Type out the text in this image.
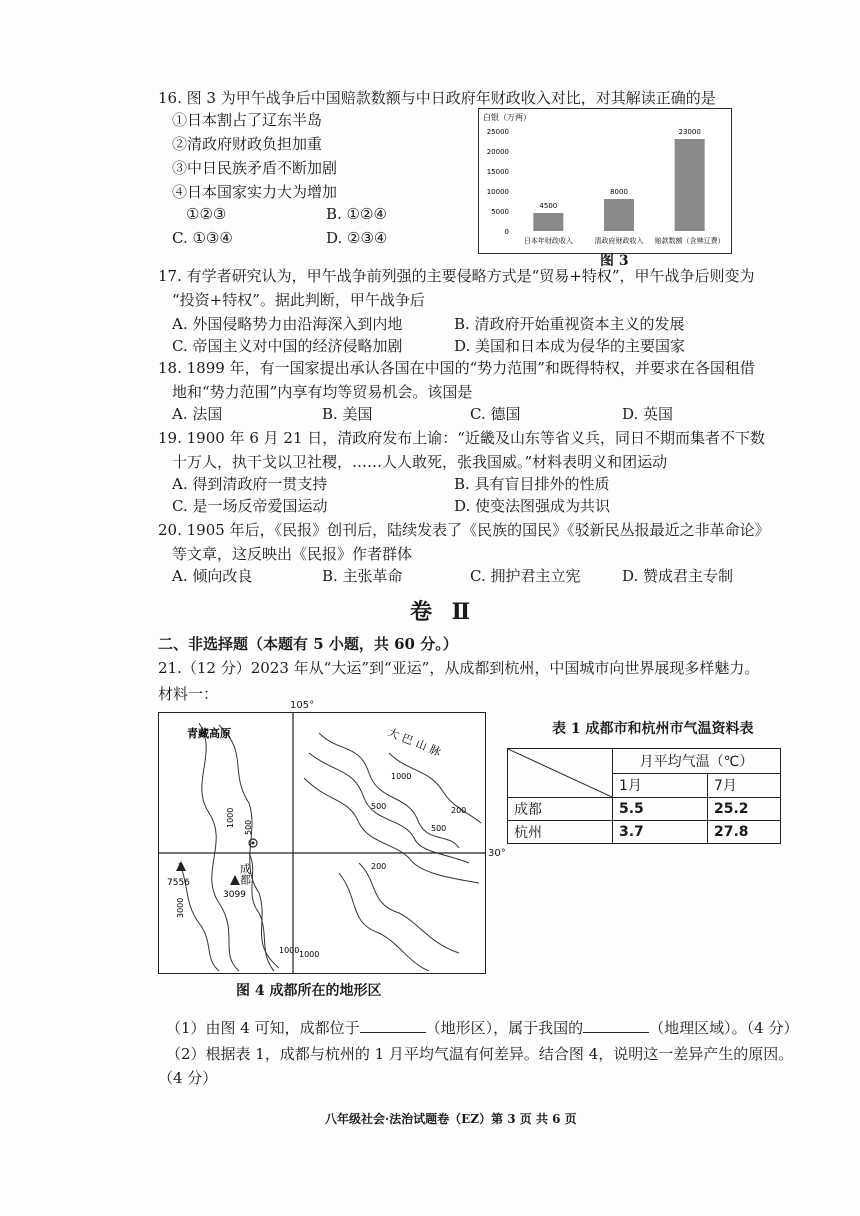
16. 图 3 为甲午战争后中国赔款数额与中日政府年财政收入对比，对其解读正确的是
①日本割占了辽东半岛
②清政府财政负担加重
③中日民族矛盾不断加剧
④日本国家实力大为增加
①②③	B. ①②④
C. ①③④	D. ②③④
白银（万两）
0
5000
10000
15000
20000
25000
4500
日本年财政收入
8000
清政府财政收入
23000
赔款数额（含赎辽费）
图 3
17. 有学者研究认为，甲午战争前列强的主要侵略方式是“贸易+特权”，甲午战争后则变为
“投资+特权”。据此判断，甲午战争后
A. 外国侵略势力由沿海深入到内地	B. 清政府开始重视资本主义的发展
C. 帝国主义对中国的经济侵略加剧	D. 美国和日本成为侵华的主要国家
18. 1899 年，有一国家提出承认各国在中国的“势力范围”和既得特权，并要求在各国租借
地和“势力范围”内享有均等贸易机会。该国是
A. 法国	B. 美国	C. 德国	D. 英国
19. 1900 年 6 月 21 日，清政府发布上谕：“近畿及山东等省义兵，同日不期而集者不下数
十万人，执干戈以卫社稷，……人人敢死，张我国威。”材料表明义和团运动
A. 得到清政府一贯支持	B. 具有盲目排外的性质
C. 是一场反帝爱国运动	D. 使变法图强成为共识
20. 1905 年后，《民报》创刊后，陆续发表了《民族的国民》《驳新民丛报最近之非革命论》
等文章，这反映出《民报》作者群体
A. 倾向改良	B. 主张革命	C. 拥护君主立宪	D. 赞成君主专制
卷 Ⅱ
二、非选择题（本题有 5 小题，共 60 分。）
21.（12 分）2023 年从“大运”到“亚运”，从成都到杭州，中国城市向世界展现多样魅力。
材料一：
105°
青藏高原	大巴山脉
成都
7556
3099
1000 500
500
1000
500
200
200
1000
3000
1000
30°
图 4 成都所在的地形区
表 1 成都市和杭州市气温资料表
	月平均气温（℃）	
	1月	7月
成都	5.5	25.2
杭州	3.7	27.8
（1）由图 4 可知，成都位于	（地形区），属于我国的	（地理区域）。（4 分）
（2）根据表 1，成都与杭州的 1 月平均气温有何差异。结合图 4，说明这一差异产生的原因。
（4 分）
八年级社会·法治试题卷（EZ）第 3 页 共 6 页
